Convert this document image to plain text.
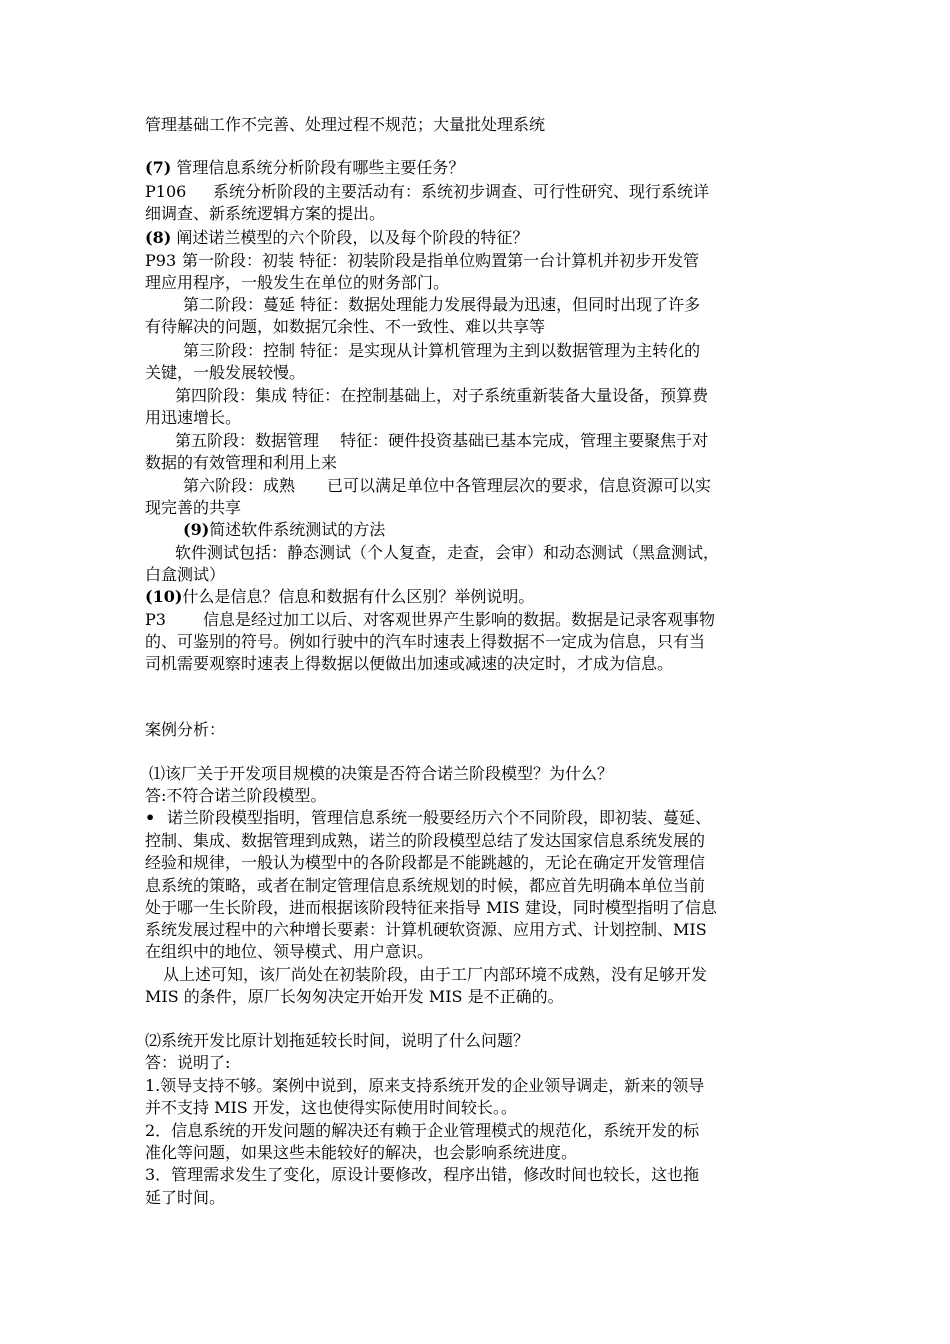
管理基础工作不完善、处理过程不规范；大量批处理系统

(7) 管理信息系统分析阶段有哪些主要任务？

P106 系统分析阶段的主要活动有：系统初步调查、可行性研究、现行系统详

细调查、新系统逻辑方案的提出。

(8) 阐述诺兰模型的六个阶段，以及每个阶段的特征？

P93 第一阶段：初装 特征：初装阶段是指单位购置第一台计算机并初步开发管

理应用程序，一般发生在单位的财务部门。

第二阶段：蔓延 特征：数据处理能力发展得最为迅速，但同时出现了许多

有待解决的问题，如数据冗余性、不一致性、难以共享等

第三阶段：控制 特征：是实现从计算机管理为主到以数据管理为主转化的

关键，一般发展较慢。

第四阶段：集成 特征：在控制基础上，对子系统重新装备大量设备，预算费

用迅速增长。

第五阶段：数据管理　 特征：硬件投资基础已基本完成，管理主要聚焦于对

数据的有效管理和利用上来

第六阶段：成熟　　已可以满足单位中各管理层次的要求，信息资源可以实

现完善的共享

(9)简述软件系统测试的方法

软件测试包括：静态测试（个人复查，走查，会审）和动态测试（黑盒测试，

白盒测试）

(10)什么是信息？信息和数据有什么区别？举例说明。

P3 信息是经过加工以后、对客观世界产生影响的数据。数据是记录客观事物

的、可鉴别的符号。例如行驶中的汽车时速表上得数据不一定成为信息，只有当

司机需要观察时速表上得数据以便做出加速或减速的决定时，才成为信息。

案例分析：

⑴该厂关于开发项目规模的决策是否符合诺兰阶段模型？为什么？

答:不符合诺兰阶段模型。

• 诺兰阶段模型指明，管理信息系统一般要经历六个不同阶段，即初装、蔓延、

控制、集成、数据管理到成熟，诺兰的阶段模型总结了发达国家信息系统发展的

经验和规律，一般认为模型中的各阶段都是不能跳越的，无论在确定开发管理信

息系统的策略，或者在制定管理信息系统规划的时候，都应首先明确本单位当前

处于哪一生长阶段，进而根据该阶段特征来指导 MIS 建设，同时模型指明了信息

系统发展过程中的六种增长要素：计算机硬软资源、应用方式、计划控制、MIS

在组织中的地位、领导模式、用户意识。

从上述可知，该厂尚处在初装阶段，由于工厂内部环境不成熟，没有足够开发

MIS 的条件，原厂长匆匆决定开始开发 MIS 是不正确的。

⑵系统开发比原计划拖延较长时间，说明了什么问题？

答：说明了:

1.领导支持不够。案例中说到，原来支持系统开发的企业领导调走，新来的领导

并不支持 MIS 开发，这也使得实际使用时间较长。。

2．信息系统的开发问题的解决还有赖于企业管理模式的规范化，系统开发的标

准化等问题，如果这些未能较好的解决，也会影响系统进度。

3．管理需求发生了变化，原设计要修改，程序出错，修改时间也较长，这也拖

延了时间。
